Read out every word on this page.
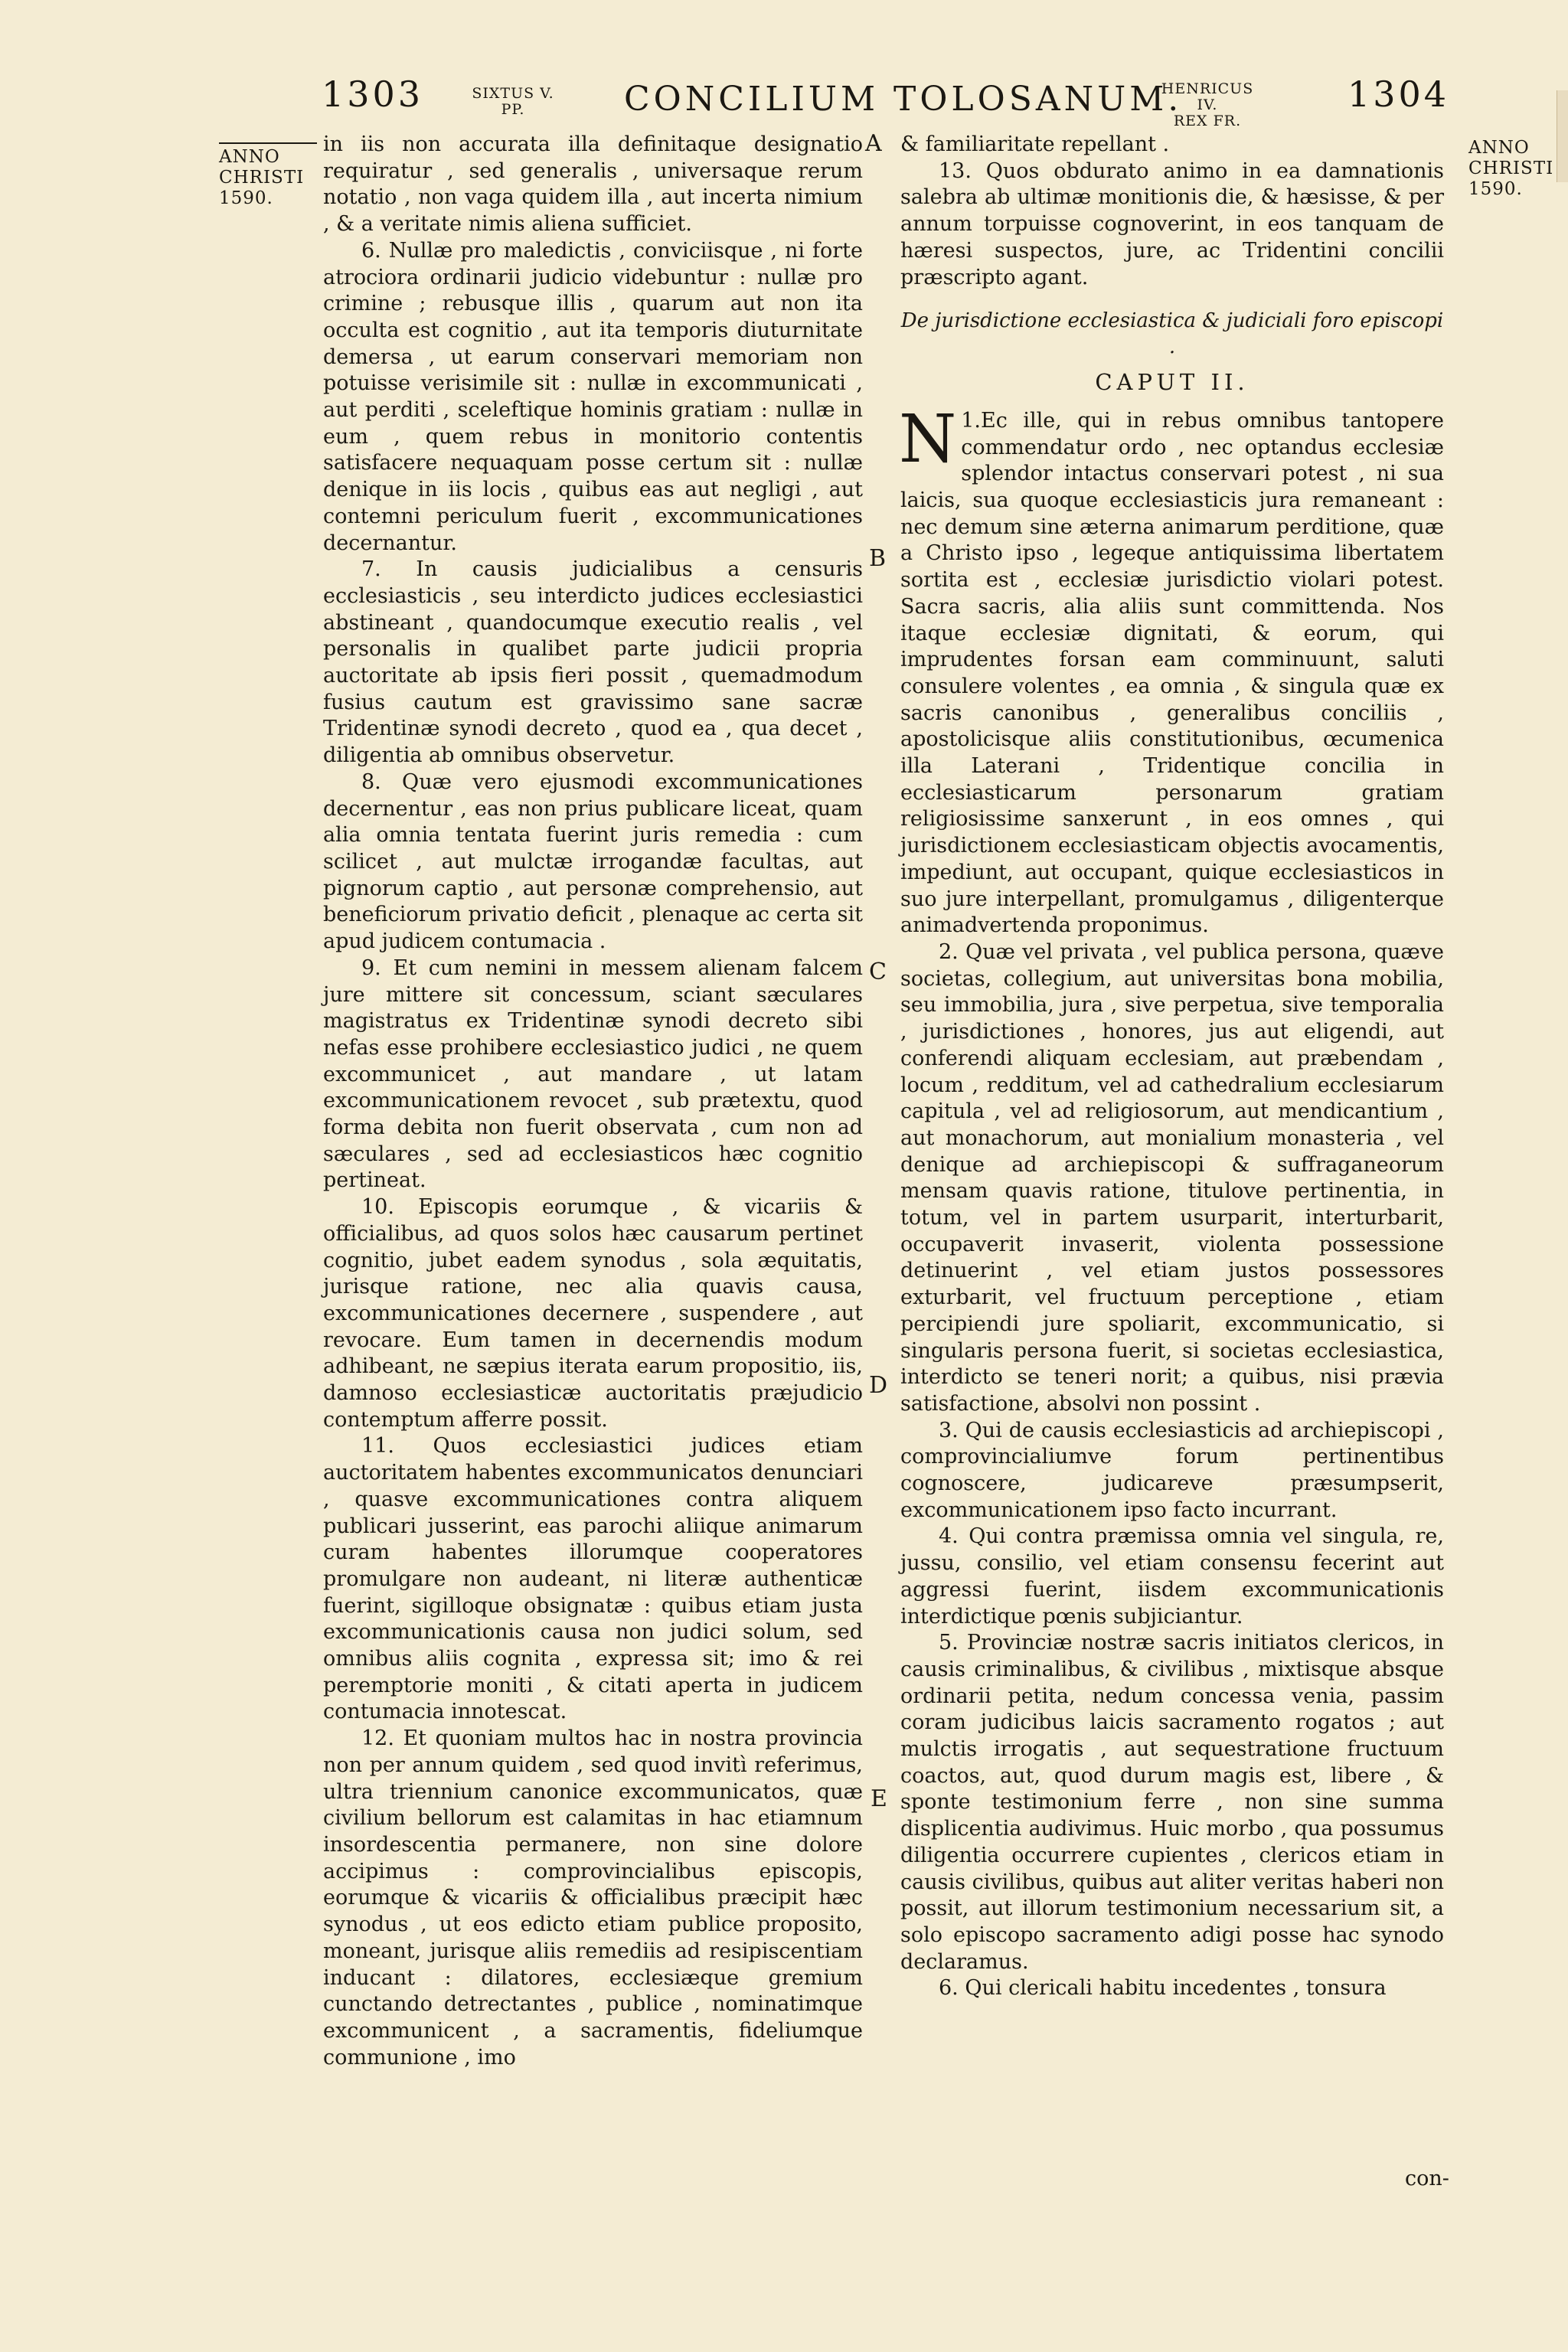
1303	SIXTUS V.
PP.	CONCILIUM TOLOSANUM.
HENRICUS IV.
REX FR.
1304
ANNO
CHRISTI
1590.
ANNO
CHRISTI
1590.
A
B
C
D
E

in iis non accurata illa definitaque designatio requiratur , sed generalis , universaque rerum notatio , non vaga quidem illa , aut incerta nimium , & a veritate nimis aliena sufficiet.

6. Nullæ pro maledictis , conviciisque , ni forte atrociora ordinarii judicio videbuntur : nullæ pro crimine ; rebusque illis , quarum aut non ita occulta est cognitio , aut ita temporis diuturnitate demersa , ut earum conservari memoriam non potuisse verisimile sit : nullæ in excommunicati , aut perditi , sceleftique hominis gratiam : nullæ in eum , quem rebus in monitorio contentis satisfacere nequaquam posse certum sit : nullæ denique in iis locis , quibus eas aut negligi , aut contemni periculum fuerit , excommunicationes decernantur.

7. In causis judicialibus a censuris ecclesiasticis , seu interdicto judices ecclesiastici abstineant , quandocumque executio realis , vel personalis in qualibet parte judicii propria auctoritate ab ipsis fieri possit , quemadmodum fusius cautum est gravissimo sane sacræ Tridentinæ synodi decreto , quod ea , qua decet , diligentia ab omnibus observetur.

8. Quæ vero ejusmodi excommunicationes decernentur , eas non prius publicare liceat, quam alia omnia tentata fuerint juris remedia : cum scilicet , aut mulctæ irrogandæ facultas, aut pignorum captio , aut personæ comprehensio, aut beneficiorum privatio deficit , plenaque ac certa sit apud judicem contumacia .

9. Et cum nemini in messem alienam falcem jure mittere sit concessum, sciant sæculares magistratus ex Tridentinæ synodi decreto sibi nefas esse prohibere ecclesiastico judici , ne quem excommunicet , aut mandare , ut latam excommunicationem revocet , sub prætextu, quod forma debita non fuerit observata , cum non ad sæculares , sed ad ecclesiasticos hæc cognitio pertineat.

10. Episcopis eorumque , & vicariis & officialibus, ad quos solos hæc causarum pertinet cognitio, jubet eadem synodus , sola æquitatis, jurisque ratione, nec alia quavis causa, excommunicationes decernere , suspendere , aut revocare. Eum tamen in decernendis modum adhibeant, ne sæpius iterata earum propositio, iis, damnoso ecclesiasticæ auctoritatis præjudicio contemptum afferre possit.

11. Quos ecclesiastici judices etiam auctoritatem habentes excommunicatos denunciari , quasve excommunicationes contra aliquem publicari jusserint, eas parochi aliique animarum curam habentes illorumque cooperatores promulgare non audeant, ni literæ authenticæ fuerint, sigilloque obsignatæ : quibus etiam justa excommunicationis causa non judici solum, sed omnibus aliis cognita , expressa sit; imo & rei peremptorie moniti , & citati aperta in judicem contumacia innotescat.

12. Et quoniam multos hac in nostra provincia non per annum quidem , sed quod invitì referimus, ultra triennium canonice excommunicatos, quæ civilium bellorum est calamitas in hac etiamnum insordescentia permanere, non sine dolore accipimus : comprovincialibus episcopis, eorumque & vicariis & officialibus præcipit hæc synodus , ut eos edicto etiam publice proposito, moneant, jurisque aliis remediis ad resipiscentiam inducant : dilatores, ecclesiæque gremium cunctando detrectantes , publice , nominatimque excommunicent , a sacramentis, fideliumque communione , imo

& familiaritate repellant .

13. Quos obdurato animo in ea damnationis salebra ab ultimæ monitionis die, & hæsisse, & per annum torpuisse cognoverint, in eos tanquam de hæresi suspectos, jure, ac Tridentini concilii præscripto agant.

De jurisdictione ecclesiastica & judiciali foro episcopi .
CAPUT II.

1.
N Ec ille, qui in rebus omnibus tantopere commendatur ordo , nec optandus ecclesiæ splendor intactus conservari potest , ni sua laicis, sua quoque ecclesiasticis jura remaneant : nec demum sine æterna animarum perditione, quæ a Christo ipso , legeque antiquissima libertatem sortita est , ecclesiæ jurisdictio violari potest. Sacra sacris, alia aliis sunt committenda. Nos itaque ecclesiæ dignitati, & eorum, qui imprudentes forsan eam comminuunt, saluti consulere volentes , ea omnia , & singula quæ ex sacris canonibus , generalibus conciliis , apostolicisque aliis constitutionibus, œcumenica illa Laterani , Tridentique concilia in ecclesiasticarum personarum gratiam religiosissime sanxerunt , in eos omnes , qui jurisdictionem ecclesiasticam objectis avocamentis, impediunt, aut occupant, quique ecclesiasticos in suo jure interpellant, promulgamus , diligenterque animadvertenda proponimus.

2. Quæ vel privata , vel publica persona, quæve societas, collegium, aut universitas bona mobilia, seu immobilia, jura , sive perpetua, sive temporalia , jurisdictiones , honores, jus aut eligendi, aut conferendi aliquam ecclesiam, aut præbendam , locum , redditum, vel ad cathedralium ecclesiarum capitula , vel ad religiosorum, aut mendicantium , aut monachorum, aut monialium monasteria , vel denique ad archiepiscopi & suffraganeorum mensam quavis ratione, titulove pertinentia, in totum, vel in partem usurparit, interturbarit, occupaverit invaserit, violenta possessione detinuerint , vel etiam justos possessores exturbarit, vel fructuum perceptione , etiam percipiendi jure spoliarit, excommunicatio, si singularis persona fuerit, si societas ecclesiastica, interdicto se teneri norit; a quibus, nisi prævia satisfactione, absolvi non possint .

3. Qui de causis ecclesiasticis ad archiepiscopi , comprovincialiumve forum pertinentibus cognoscere, judicareve præsumpserit, excommunicationem ipso facto incurrant.

4. Qui contra præmissa omnia vel singula, re, jussu, consilio, vel etiam consensu fecerint aut aggressi fuerint, iisdem excommunicationis interdictique pœnis subjiciantur.

5. Provinciæ nostræ sacris initiatos clericos, in causis criminalibus, & civilibus , mixtisque absque ordinarii petita, nedum concessa venia, passim coram judicibus laicis sacramento rogatos ; aut mulctis irrogatis , aut sequestratione fructuum coactos, aut, quod durum magis est, libere , & sponte testimonium ferre , non sine summa displicentia audivimus. Huic morbo , qua possumus diligentia occurrere cupientes , clericos etiam in causis civilibus, quibus aut aliter veritas haberi non possit, aut illorum testimonium necessarium sit, a solo episcopo sacramento adigi posse hac synodo declaramus.

6. Qui clericali habitu incedentes , tonsura

con-
